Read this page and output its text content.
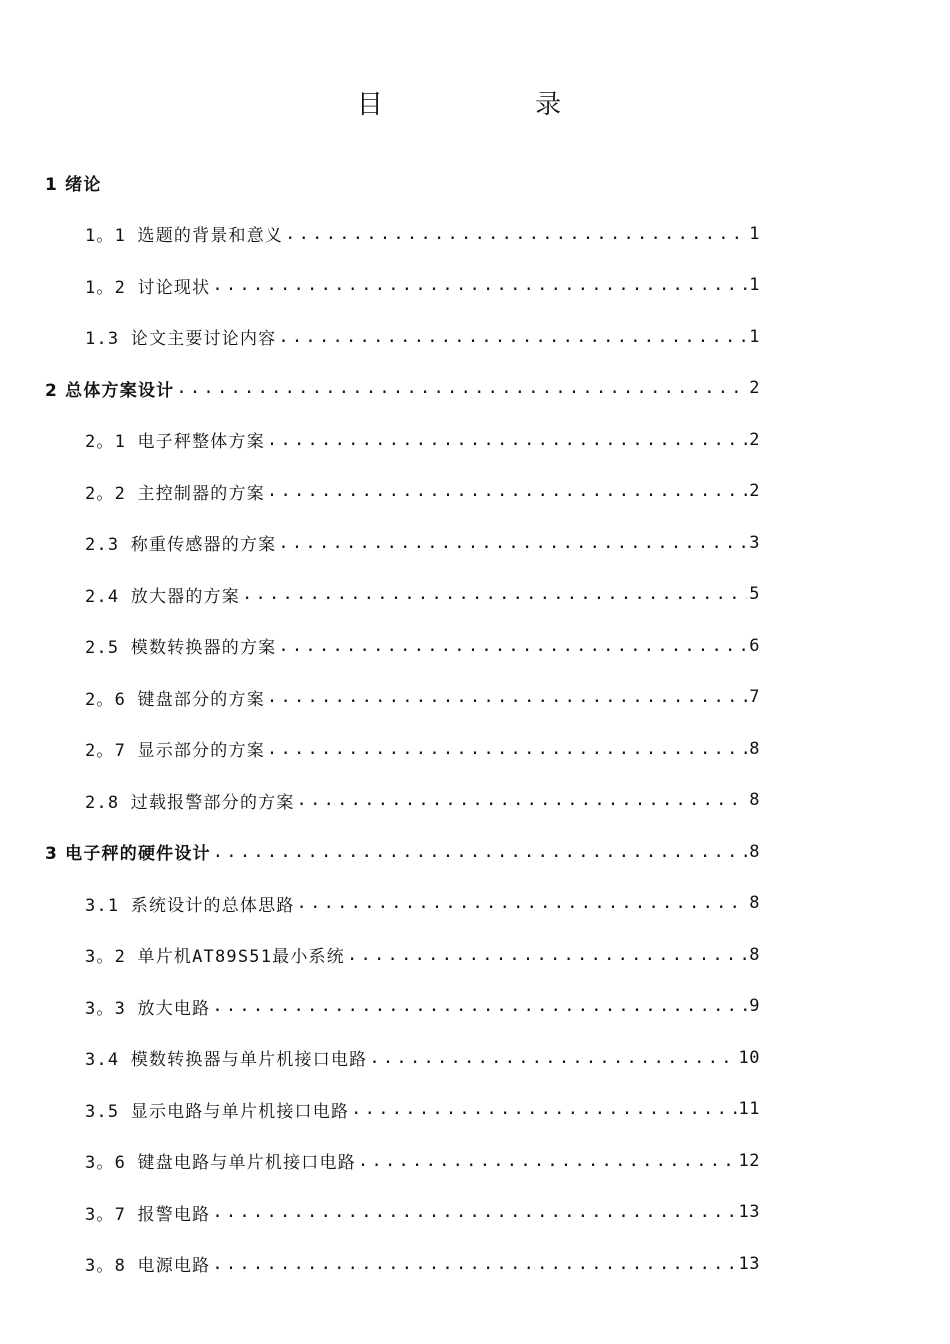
目 录
1 绪论
1。1 选题的背景和意义 .....	1
1。2 讨论现状 .....	1
1.3 论文主要讨论内容 .....	1
2 总体方案设计 .....	2
2。1 电子秤整体方案 .....	2
2。2 主控制器的方案 .....	2
2.3 称重传感器的方案 .....	3
2.4 放大器的方案 .....	5
2.5 模数转换器的方案 .....	6
2。6 键盘部分的方案 .....	7
2。7 显示部分的方案 .....	8
2.8 过载报警部分的方案 .....	8
3 电子秤的硬件设计 .....	8
3.1 系统设计的总体思路 .....	8
3。2 单片机AT89S51最小系统 .....	8
3。3 放大电路 .....	9
3.4 模数转换器与单片机接口电路 .....	10
3.5 显示电路与单片机接口电路 .....	11
3。6 键盘电路与单片机接口电路 .....	12
3。7 报警电路 .....	13
3。8 电源电路 .....	13
